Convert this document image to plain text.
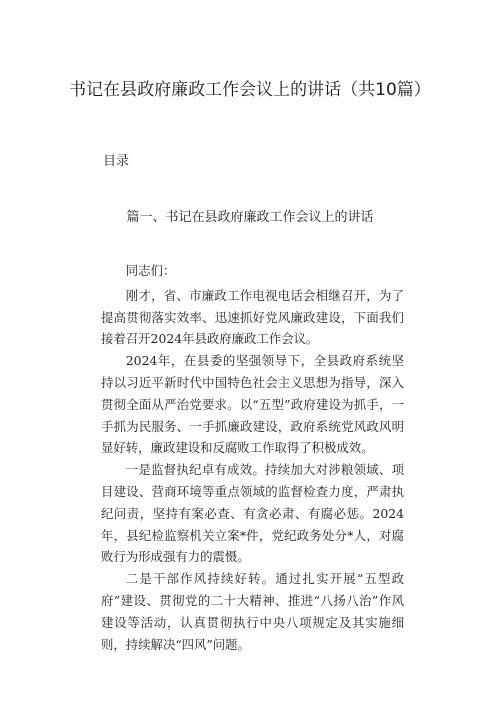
书记在县政府廉政工作会议上的讲话（共10篇）
目录
篇一、书记在县政府廉政工作会议上的讲话

同志们：

刚才，省、市廉政工作电视电话会相继召开，为了提高贯彻落实效率、迅速抓好党风廉政建设，下面我们接着召开2024年县政府廉政工作会议。

2024年，在县委的坚强领导下，全县政府系统坚持以习近平新时代中国特色社会主义思想为指导，深入贯彻全面从严治党要求。以“五型”政府建设为抓手，一手抓为民服务、一手抓廉政建设，政府系统党风政风明显好转，廉政建设和反腐败工作取得了积极成效。

一是监督执纪卓有成效。持续加大对涉粮领域、项目建设、营商环境等重点领域的监督检查力度，严肃执纪问责，坚持有案必查、有贪必肃、有腐必惩。2024年，县纪检监察机关立案*件，党纪政务处分*人，对腐败行为形成强有力的震慑。

二是干部作风持续好转。通过扎实开展“五型政府”建设、贯彻党的二十大精神、推进“八扬八治”作风建设等活动，认真贯彻执行中央八项规定及其实施细则，持续解决“四风”问题。
